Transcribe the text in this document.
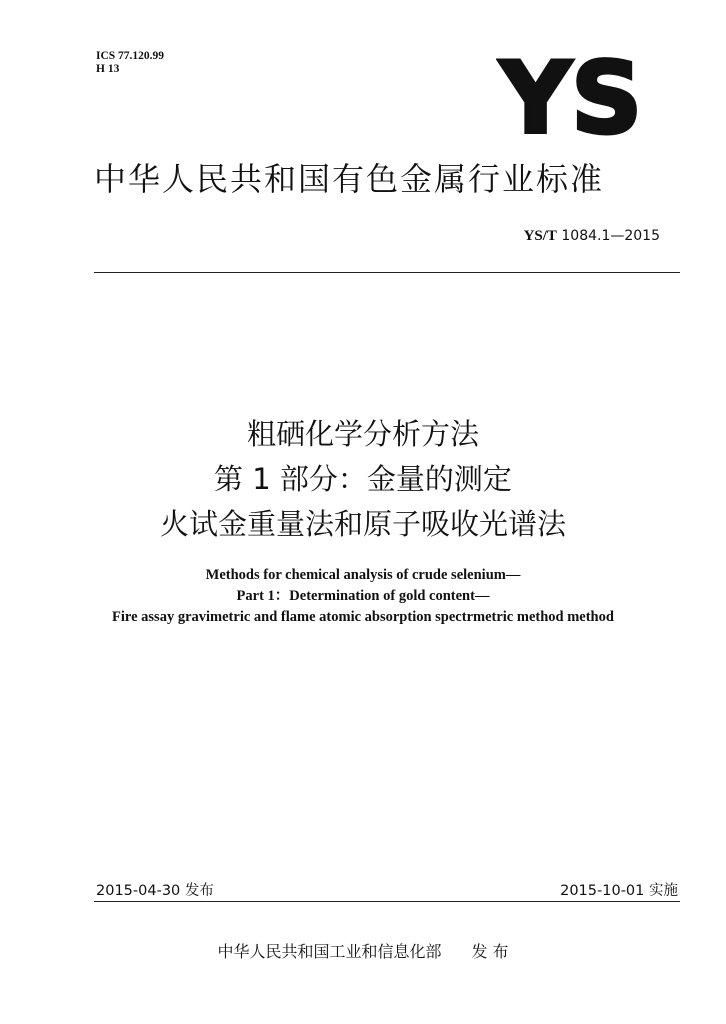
ICS 77.120.99
H 13	YS
中华人民共和国有色金属行业标准
YS/T 1084.1—2015
粗硒化学分析方法
第 1 部分：金量的测定
火试金重量法和原子吸收光谱法
Methods for chemical analysis of crude selenium—
Part 1：Determination of gold content—
Fire assay gravimetric and flame atomic absorption spectrmetric method method
2015-04-30 发布	2015-10-01 实施
中华人民共和国工业和信息化部 发 布
